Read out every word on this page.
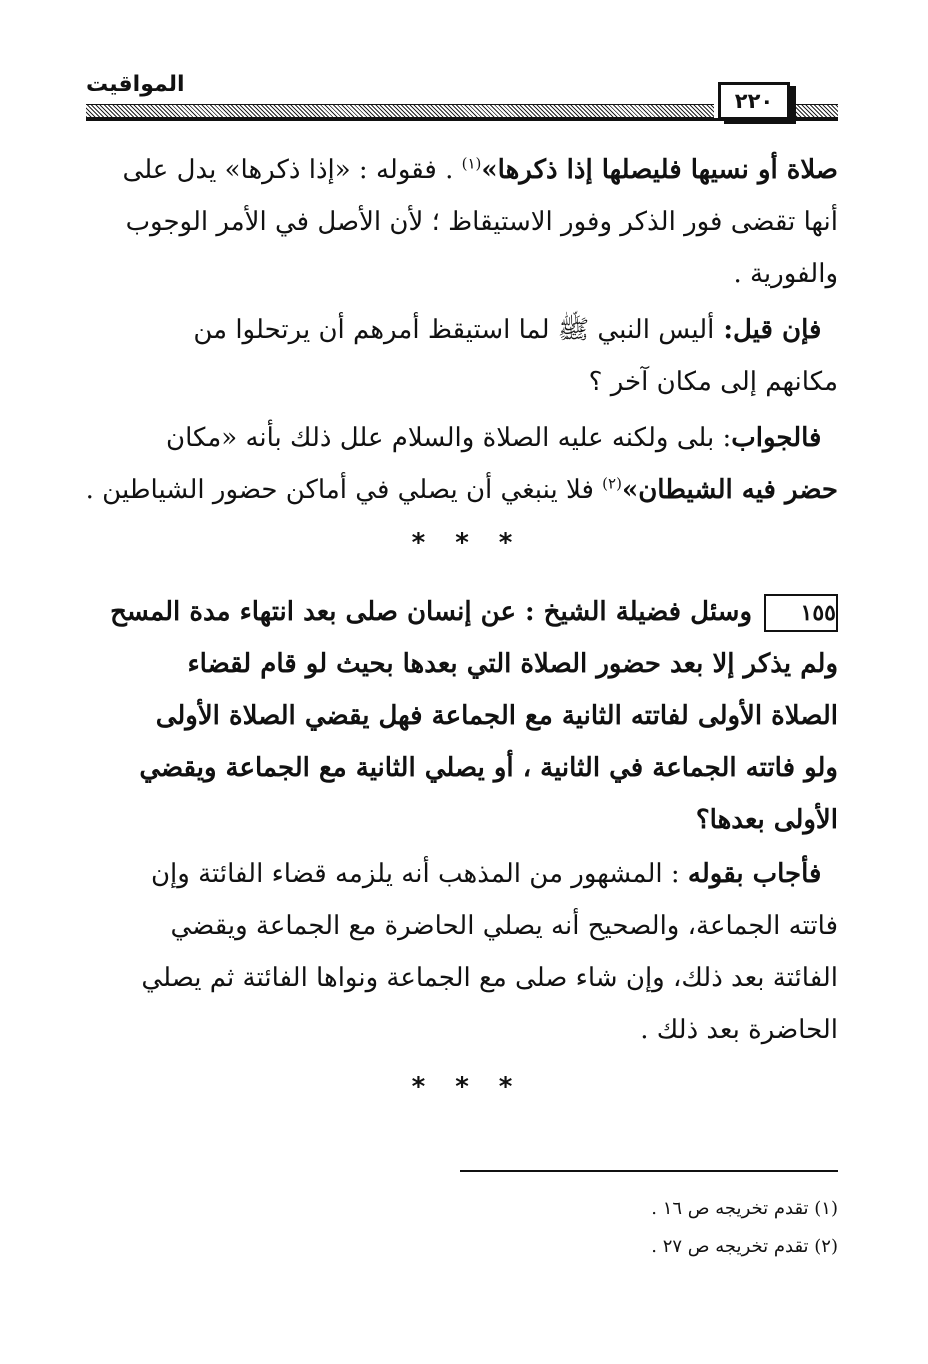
المواقيت
٢٢٠
صلاة أو نسيها فليصلها إذا ذكرها»$^{(١)}$ . فقوله : «إذا ذكرها» يدل على
أنها تقضى فور الذكر وفور الاستيقاظ ؛ لأن الأصل في الأمر الوجوب
والفورية .
فإن قيل: أليس النبي ﷺ لما استيقظ أمرهم أن يرتحلوا من
مكانهم إلى مكان آخر ؟
فالجواب: بلى ولكنه عليه الصلاة والسلام علل ذلك بأنه «مكان
حضر فيه الشيطان»$^{(٢)}$ فلا ينبغي أن يصلي في أماكن حضور الشياطين .
* * *
١٥٥وسئل فضيلة الشيخ : عن إنسان صلى بعد انتهاء مدة المسح
ولم يذكر إلا بعد حضور الصلاة التي بعدها بحيث لو قام لقضاء
الصلاة الأولى لفاتته الثانية مع الجماعة فهل يقضي الصلاة الأولى
ولو فاتته الجماعة في الثانية ، أو يصلي الثانية مع الجماعة ويقضي
الأولى بعدها؟
فأجاب بقوله : المشهور من المذهب أنه يلزمه قضاء الفائتة وإن
فاتته الجماعة، والصحيح أنه يصلي الحاضرة مع الجماعة ويقضي
الفائتة بعد ذلك، وإن شاء صلى مع الجماعة ونواها الفائتة ثم يصلي
الحاضرة بعد ذلك .
* * *
(١) تقدم تخريجه ص ١٦ .
(٢) تقدم تخريجه ص ٢٧ .
